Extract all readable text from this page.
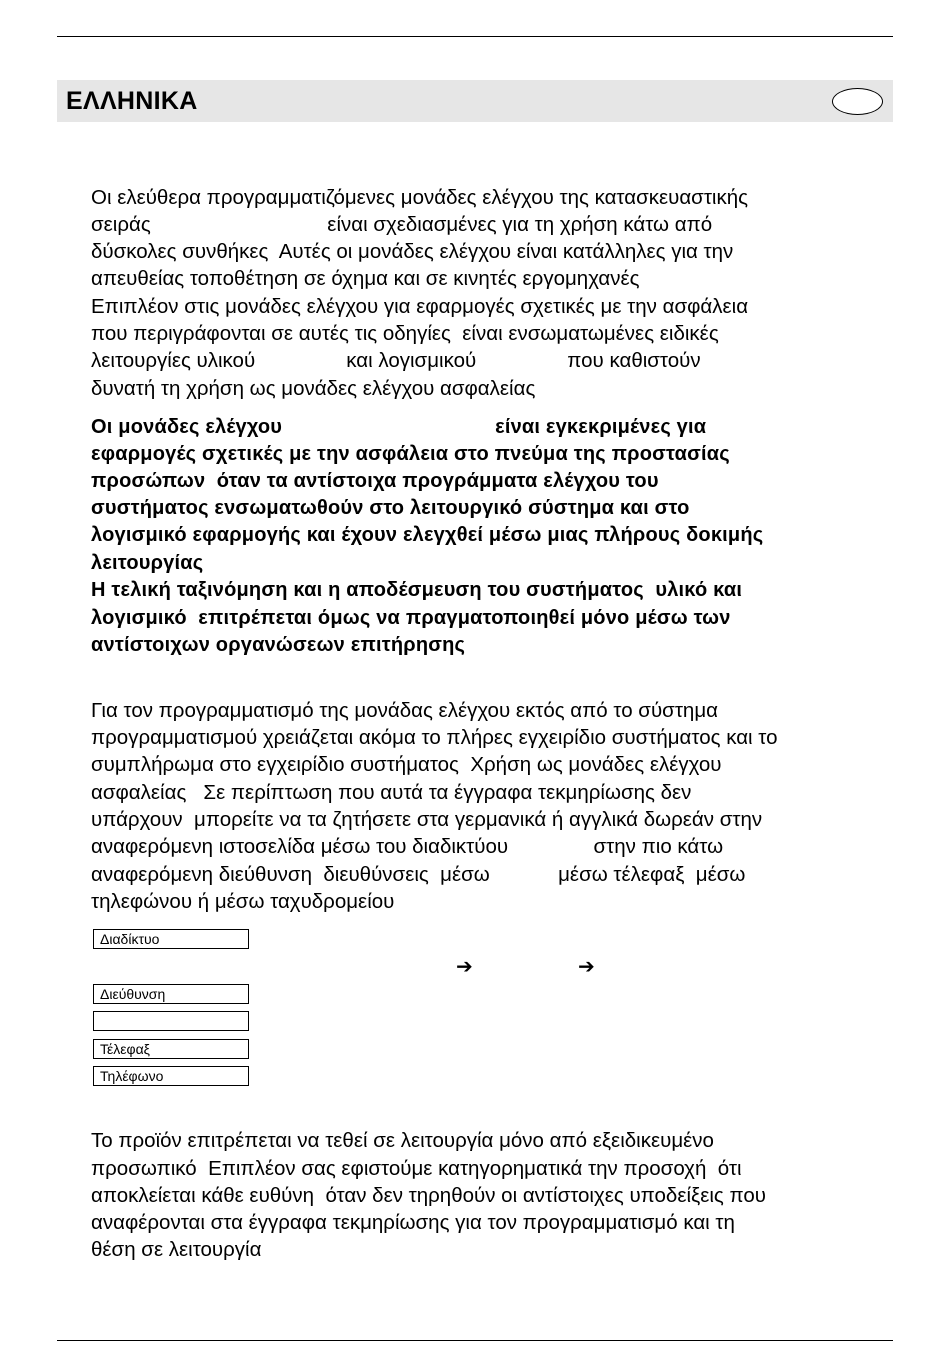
ΕΛΛΗΝΙΚΑ
Οι ελεύθερα προγραμματιζόμενες μονάδες ελέγχου της κατασκευαστικής
σειράς                               είναι σχεδιασμένες για τη χρήση κάτω από
δύσκολες συνθήκες  Αυτές οι μονάδες ελέγχου είναι κατάλληλες για την
απευθείας τοποθέτηση σε όχημα και σε κινητές εργομηχανές
Επιπλέον στις μονάδες ελέγχου για εφαρμογές σχετικές με την ασφάλεια
που περιγράφονται σε αυτές τις οδηγίες  είναι ενσωματωμένες ειδικές
λειτουργίες υλικού                και λογισμικού                που καθιστούν
δυνατή τη χρήση ως μονάδες ελέγχου ασφαλείας
Οι μονάδες ελέγχου                                     είναι εγκεκριμένες για
εφαρμογές σχετικές με την ασφάλεια στο πνεύμα της προστασίας
προσώπων  όταν τα αντίστοιχα προγράμματα ελέγχου του
συστήματος ενσωματωθούν στο λειτουργικό σύστημα και στο
λογισμικό εφαρμογής και έχουν ελεγχθεί μέσω μιας πλήρους δοκιμής
λειτουργίας
Η τελική ταξινόμηση και η αποδέσμευση του συστήματος  υλικό και
λογισμικό  επιτρέπεται όμως να πραγματοποιηθεί μόνο μέσω των
αντίστοιχων οργανώσεων επιτήρησης
Για τον προγραμματισμό της μονάδας ελέγχου εκτός από το σύστημα
προγραμματισμού χρειάζεται ακόμα το πλήρες εγχειρίδιο συστήματος και το
συμπλήρωμα στο εγχειρίδιο συστήματος  Χρήση ως μονάδες ελέγχου
ασφαλείας   Σε περίπτωση που αυτά τα έγγραφα τεκμηρίωσης δεν
υπάρχουν  μπορείτε να τα ζητήσετε στα γερμανικά ή αγγλικά δωρεάν στην
αναφερόμενη ιστοσελίδα μέσω του διαδικτύου               στην πιο κάτω
αναφερόμενη διεύθυνση  διευθύνσεις  μέσω            μέσω τέλεφαξ  μέσω
τηλεφώνου ή μέσω ταχυδρομείου
Διαδίκτυο
➔	➔
Διεύθυνση
Τέλεφαξ
Τηλέφωνο
Το προϊόν επιτρέπεται να τεθεί σε λειτουργία μόνο από εξειδικευμένο
προσωπικό  Επιπλέον σας εφιστούμε κατηγορηματικά την προσοχή  ότι
αποκλείεται κάθε ευθύνη  όταν δεν τηρηθούν οι αντίστοιχες υποδείξεις που
αναφέρονται στα έγγραφα τεκμηρίωσης για τον προγραμματισμό και τη
θέση σε λειτουργία
